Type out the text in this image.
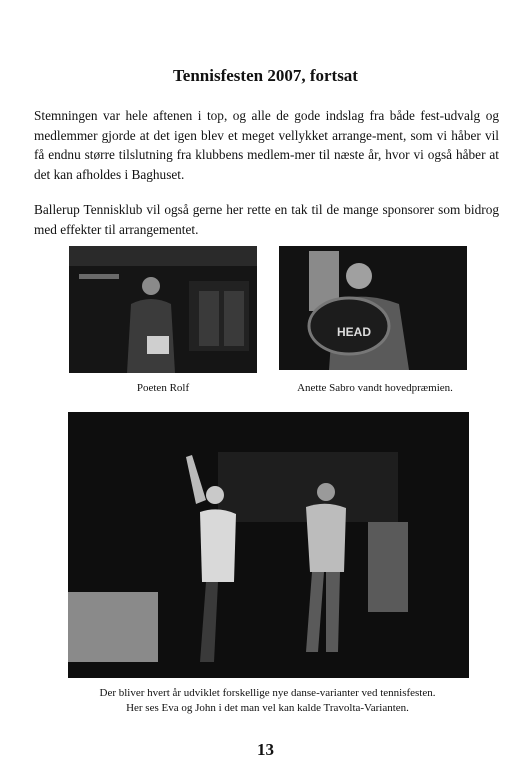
Tennisfesten 2007, fortsat
Stemningen var hele aftenen i top, og alle de gode indslag fra både fest-udvalg og medlemmer gjorde at det igen blev et meget vellykket arrange-ment, som vi håber vil få endnu større tilslutning fra klubbens medlem-mer til næste år, hvor vi også håber at det kan afholdes i Baghuset.
Ballerup Tennisklub vil også gerne her rette en tak til de mange sponsorer som bidrog med effekter til arrangementet.
HEAD
Poeten Rolf	Anette Sabro vandt hovedpræmien.
Der bliver hvert år udviklet forskellige nye danse-varianter ved tennisfesten.
Her ses Eva og John i det man vel kan kalde Travolta-Varianten.
13
